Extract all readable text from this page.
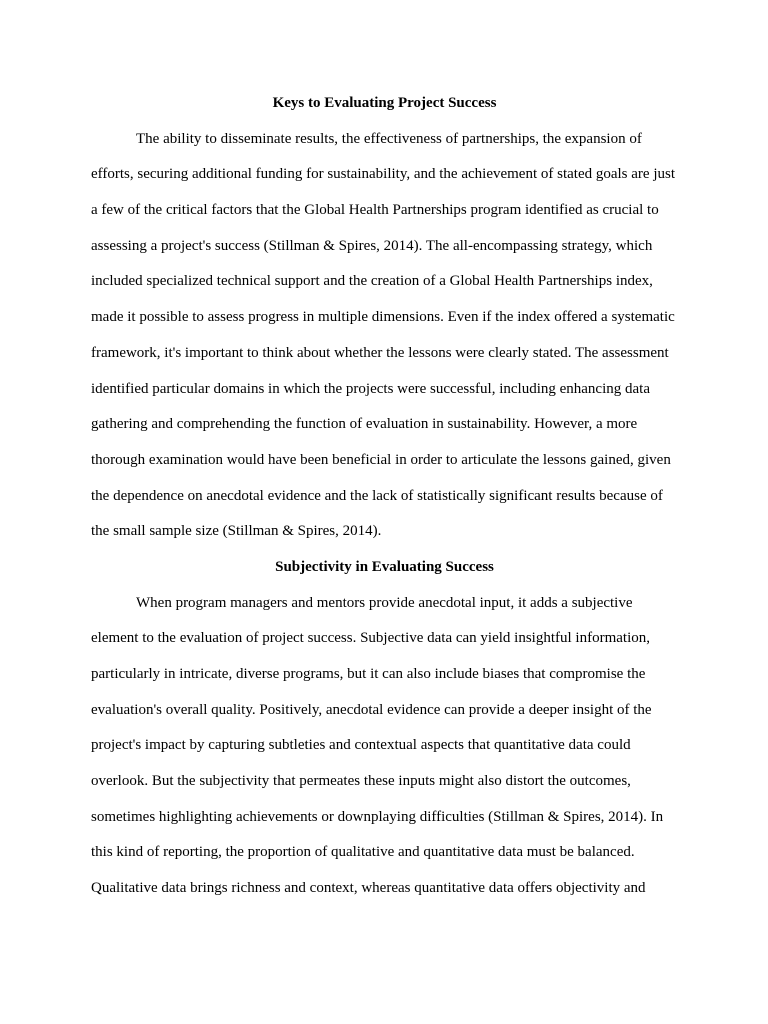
Keys to Evaluating Project Success
The ability to disseminate results, the effectiveness of partnerships, the expansion of
efforts, securing additional funding for sustainability, and the achievement of stated goals are just
a few of the critical factors that the Global Health Partnerships program identified as crucial to
assessing a project's success (Stillman & Spires, 2014). The all-encompassing strategy, which
included specialized technical support and the creation of a Global Health Partnerships index,
made it possible to assess progress in multiple dimensions. Even if the index offered a systematic
framework, it's important to think about whether the lessons were clearly stated. The assessment
identified particular domains in which the projects were successful, including enhancing data
gathering and comprehending the function of evaluation in sustainability. However, a more
thorough examination would have been beneficial in order to articulate the lessons gained, given
the dependence on anecdotal evidence and the lack of statistically significant results because of
the small sample size (Stillman & Spires, 2014).
Subjectivity in Evaluating Success
When program managers and mentors provide anecdotal input, it adds a subjective
element to the evaluation of project success. Subjective data can yield insightful information,
particularly in intricate, diverse programs, but it can also include biases that compromise the
evaluation's overall quality. Positively, anecdotal evidence can provide a deeper insight of the
project's impact by capturing subtleties and contextual aspects that quantitative data could
overlook. But the subjectivity that permeates these inputs might also distort the outcomes,
sometimes highlighting achievements or downplaying difficulties (Stillman & Spires, 2014). In
this kind of reporting, the proportion of qualitative and quantitative data must be balanced.
Qualitative data brings richness and context, whereas quantitative data offers objectivity and
